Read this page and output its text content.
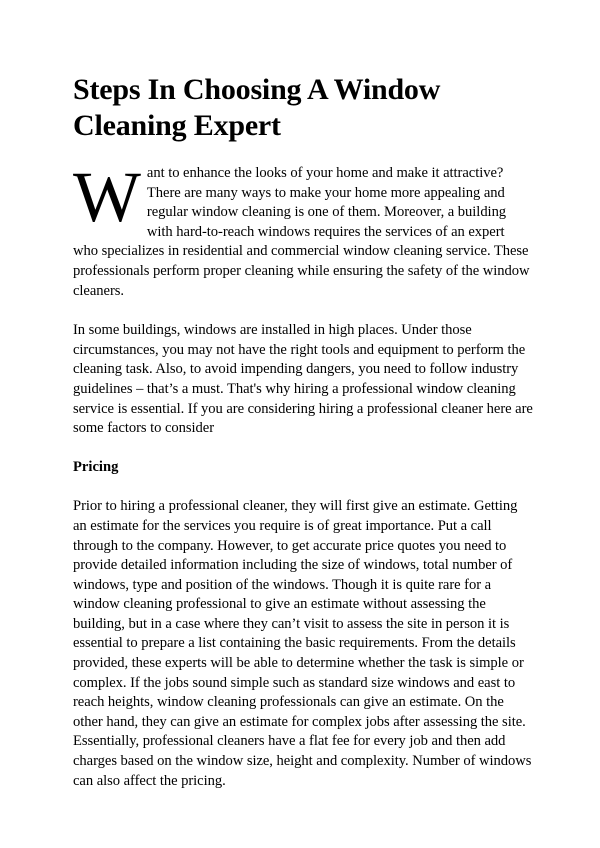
Steps In Choosing A Window Cleaning Expert

W ant to enhance the looks of your home and make it attractive? There are many ways to make your home more appealing and regular window cleaning is one of them. Moreover, a building with hard-to-reach windows requires the services of an expert who specializes in residential and commercial window cleaning service. These professionals perform proper cleaning while ensuring the safety of the window cleaners.

In some buildings, windows are installed in high places. Under those circumstances, you may not have the right tools and equipment to perform the cleaning task. Also, to avoid impending dangers, you need to follow industry guidelines – that’s a must. That's why hiring a professional window cleaning service is essential. If you are considering hiring a professional cleaner here are some factors to consider

Pricing

Prior to hiring a professional cleaner, they will first give an estimate. Getting an estimate for the services you require is of great importance. Put a call through to the company. However, to get accurate price quotes you need to provide detailed information including the size of windows, total number of windows, type and position of the windows. Though it is quite rare for a window cleaning professional to give an estimate without assessing the building, but in a case where they can’t visit to assess the site in person it is essential to prepare a list containing the basic requirements. From the details provided, these experts will be able to determine whether the task is simple or complex. If the jobs sound simple such as standard size windows and east to reach heights, window cleaning professionals can give an estimate. On the other hand, they can give an estimate for complex jobs after assessing the site. Essentially, professional cleaners have a flat fee for every job and then add charges based on the window size, height and complexity. Number of windows can also affect the pricing.
